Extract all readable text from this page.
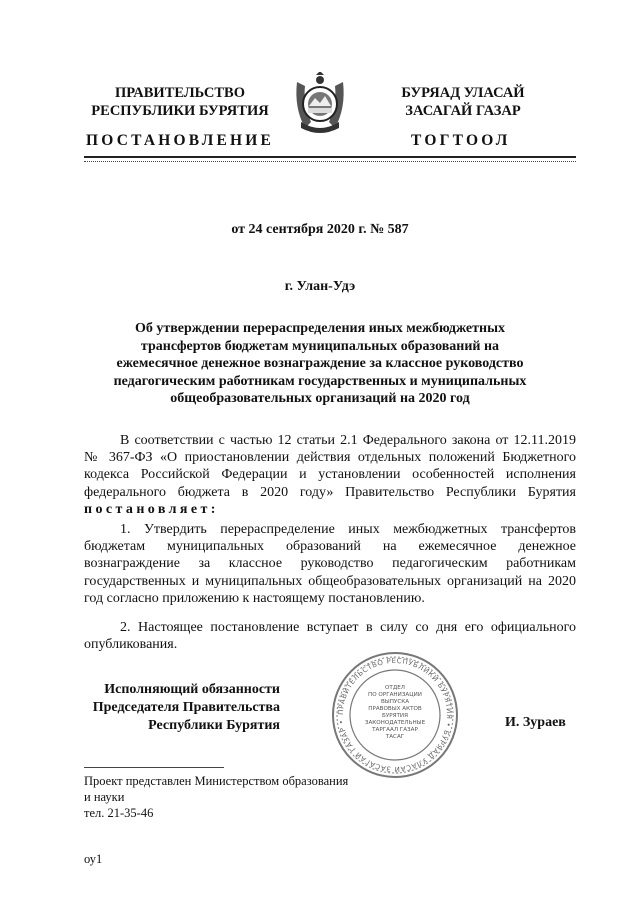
ПРАВИТЕЛЬСТВО
РЕСПУБЛИКИ БУРЯТИЯ
БУРЯАД УЛАСАЙ
ЗАСАГАЙ ГАЗАР
ПОСТАНОВЛЕНИЕ	ТОГТООЛ
от 24 сентября 2020 г. № 587
г. Улан-Удэ
Об утверждении перераспределения иных межбюджетных
трансфертов бюджетам муниципальных образований на
ежемесячное денежное вознаграждение за классное руководство
педагогическим работникам государственных и муниципальных
общеобразовательных организаций на 2020 год
В соответствии с частью 12 статьи 2.1 Федерального закона от 12.11.2019 № 367-ФЗ «О приостановлении действия отдельных положений Бюджетного кодекса Российской Федерации и установлении особенностей исполнения федерального бюджета в 2020 году» Правительство Республики Бурятия постановляет:
1. Утвердить перераспределение иных межбюджетных трансфертов бюджетам муниципальных образований на ежемесячное денежное вознаграждение за классное руководство педагогическим работникам государственных и муниципальных общеобразовательных организаций на 2020 год согласно приложению к настоящему постановлению.
2. Настоящее постановление вступает в силу со дня его официального опубликования.
Исполняющий обязанности
Председателя Правительства
Республики Бурятия
ПРАВИТЕЛЬСТВО РЕСПУБЛИКИ БУРЯТИЯ • БУРЯАД УЛАСАЙ ЗАСАГАЙ ГАЗАР •
ОТДЕЛ
ПО ОРГАНИЗАЦИИ
ВЫПУСКА
ПРАВОВЫХ АКТОВ
БУРЯТИЯ
ЗАКОНОДАТЕЛЬНЫЕ
ТАРГААЛ ГАЗАР
ТАСАГ
И. Зураев
Проект представлен Министерством образования
и науки
тел. 21-35-46
оу1
